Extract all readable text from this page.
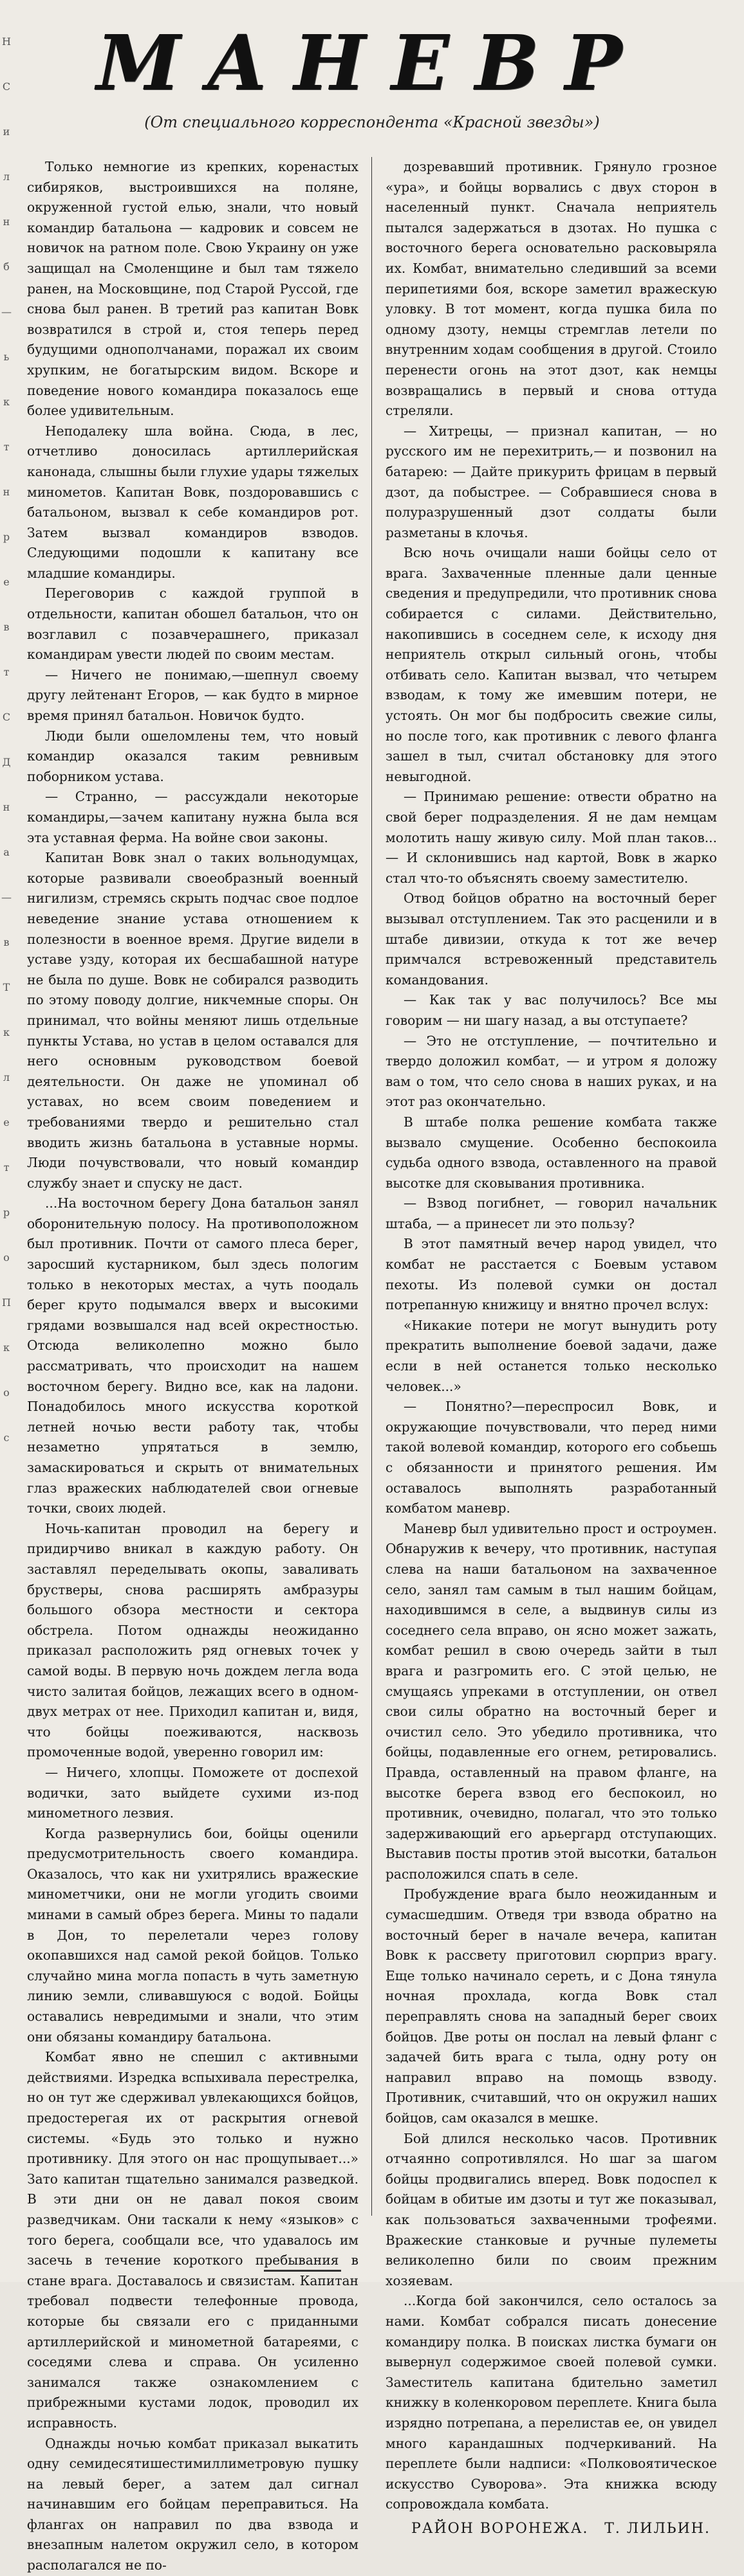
Н
С
и
л
н
б
—
ь
к
т
н
р
е
в
т
С
Д
н
а
—
в
Т
к
л
е
т
р
о
П
к
о
с
МАНЕВР
(От специального корреспондента «Красной звезды»)

Только немногие из крепких, коренастых сибиряков, выстроившихся на поляне, окруженной густой елью, знали, что новый командир батальона — кадровик и совсем не новичок на ратном поле. Свою Украину он уже защищал на Смоленщине и был там тяжело ранен, на Московщине, под Старой Руссой, где снова был ранен. В третий раз капитан Вовк возвратился в строй и, стоя теперь перед будущими однополчанами, поражал их своим хрупким, не богатырским видом. Вскоре и поведение нового командира показалось еще более удивительным.

Неподалеку шла война. Сюда, в лес, отчетливо доносилась артиллерийская канонада, слышны были глухие удары тяжелых минометов. Капитан Вовк, поздоровавшись с батальоном, вызвал к себе командиров рот. Затем вызвал командиров взводов. Следующими подошли к капитану все младшие командиры.

Переговорив с каждой группой в отдельности, капитан обошел батальон, что он возглавил с позавчерашнего, приказал командирам увести людей по своим местам.

— Ничего не понимаю,—шепнул своему другу лейтенант Егоров, — как будто в мирное время принял батальон. Новичок будто.

Люди были ошеломлены тем, что новый командир оказался таким ревнивым поборником устава.

— Странно, — рассуждали некоторые командиры,—зачем капитану нужна была вся эта уставная ферма. На войне свои законы.

Капитан Вовк знал о таких вольнодумцах, которые развивали своеобразный военный нигилизм, стремясь скрыть подчас свое подлое неведение знание устава отношением к полезности в военное время. Другие видели в уставе узду, которая их бесшабашной натуре не была по душе. Вовк не собирался разводить по этому поводу долгие, никчемные споры. Он принимал, что войны меняют лишь отдельные пункты Устава, но устав в целом оставался для него основным руководством боевой деятельности. Он даже не упоминал об уставах, но всем своим поведением и требованиями твердо и решительно стал вводить жизнь батальона в уставные нормы. Люди почувствовали, что новый командир службу знает и спуску не даст.

...На восточном берегу Дона батальон занял оборонительную полосу. На противоположном был противник. Почти от самого плеса берег, заросший кустарником, был здесь пологим только в некоторых местах, а чуть поодаль берег круто подымался вверх и высокими грядами возвышался над всей окрестностью. Отсюда великолепно можно было рассматривать, что происходит на нашем восточном берегу. Видно все, как на ладони. Понадобилось много искусства короткой летней ночью вести работу так, чтобы незаметно упрятаться в землю, замаскироваться и скрыть от внимательных глаз вражеских наблюдателей свои огневые точки, своих людей.

Ночь-капитан проводил на берегу и придирчиво вникал в каждую работу. Он заставлял переделывать окопы, заваливать брустверы, снова расширять амбразуры большого обзора местности и сектора обстрела. Потом однажды неожиданно приказал расположить ряд огневых точек у самой воды. В первую ночь дождем легла вода чисто залитая бойцов, лежащих всего в одном-двух метрах от нее. Приходил капитан и, видя, что бойцы поеживаются, насквозь промоченные водой, уверенно говорил им:

— Ничего, хлопцы. Поможете от доспехой водички, зато выйдете сухими из-под минометного лезвия.

Когда развернулись бои, бойцы оценили предусмотрительность своего командира. Оказалось, что как ни ухитрялись вражеские минометчики, они не могли угодить своими минами в самый обрез берега. Мины то падали в Дон, то перелетали через голову окопавшихся над самой рекой бойцов. Только случайно мина могла попасть в чуть заметную линию земли, сливавшуюся с водой. Бойцы оставались невредимыми и знали, что этим они обязаны командиру батальона.

Комбат явно не спешил с активными действиями. Изредка вспыхивала перестрелка, но он тут же сдерживал увлекающихся бойцов, предостерегая их от раскрытия огневой системы. «Будь это только и нужно противнику. Для этого он нас прощупывает...» Зато капитан тщательно занимался разведкой. В эти дни он не давал покоя своим разведчикам. Они таскали к нему «языков» с того берега, сообщали все, что удавалось им засечь в течение короткого пребывания в стане врага. Доставалось и связистам. Капитан требовал подвести телефонные провода, которые бы связали его с приданными артиллерийской и минометной батареями, с соседями слева и справа. Он усиленно занимался также ознакомлением с прибрежными кустами лодок, проводил их исправность.

Однажды ночью комбат приказал выкатить одну семидесятишестимиллиметровую пушку на левый берег, а затем дал сигнал начинавшим его бойцам переправиться. На флангах он направил по два взвода и внезапным налетом окружил село, в котором располагался не по-

дозревавший противник. Грянуло грозное «ура», и бойцы ворвались с двух сторон в населенный пункт. Сначала неприятель пытался задержаться в дзотах. Но пушка с восточного берега основательно расковыряла их. Комбат, внимательно следивший за всеми перипетиями боя, вскоре заметил вражескую уловку. В тот момент, когда пушка била по одному дзоту, немцы стремглав летели по внутренним ходам сообщения в другой. Стоило перенести огонь на этот дзот, как немцы возвращались в первый и снова оттуда стреляли.

— Хитрецы, — признал капитан, — но русского им не перехитрить,— и позвонил на батарею: — Дайте прикурить фрицам в первый дзот, да побыстрее. — Собравшиеся снова в полуразрушенный дзот солдаты были разметаны в клочья.

Всю ночь очищали наши бойцы село от врага. Захваченные пленные дали ценные сведения и предупредили, что противник снова собирается с силами. Действительно, накопившись в соседнем селе, к исходу дня неприятель открыл сильный огонь, чтобы отбивать село. Капитан вызвал, что четырем взводам, к тому же имевшим потери, не устоять. Он мог бы подбросить свежие силы, но после того, как противник с левого фланга зашел в тыл, считал обстановку для этого невыгодной.

— Принимаю решение: отвести обратно на свой берег подразделения. Я не дам немцам молотить нашу живую силу. Мой план таков...— И склонившись над картой, Вовк в жарко стал что-то объяснять своему заместителю.

Отвод бойцов обратно на восточный берег вызывал отступлением. Так это расценили и в штабе дивизии, откуда к тот же вечер примчался встревоженный представитель командования.

— Как так у вас получилось? Все мы говорим — ни шагу назад, а вы отступаете?

— Это не отступление, — почтительно и твердо доложил комбат, — и утром я доложу вам о том, что село снова в наших руках, и на этот раз окончательно.

В штабе полка решение комбата также вызвало смущение. Особенно беспокоила судьба одного взвода, оставленного на правой высотке для сковывания противника.

— Взвод погибнет, — говорил начальник штаба, — а принесет ли это пользу?

В этот памятный вечер народ увидел, что комбат не расстается с Боевым уставом пехоты. Из полевой сумки он достал потрепанную книжицу и внятно прочел вслух:

«Никакие потери не могут вынудить роту прекратить выполнение боевой задачи, даже если в ней останется только несколько человек...»

— Понятно?—переспросил Вовк, и окружающие почувствовали, что перед ними такой волевой командир, которого его собьешь с обязанности и принятого решения. Им оставалось выполнять разработанный комбатом маневр.

Маневр был удивительно прост и остроумен. Обнаружив к вечеру, что противник, наступая слева на наши батальоном на захваченное село, занял там самым в тыл нашим бойцам, находившимся в селе, а выдвинув силы из соседнего села вправо, он ясно может зажать, комбат решил в свою очередь зайти в тыл врага и разгромить его. С этой целью, не смущаясь упреками в отступлении, он отвел свои силы обратно на восточный берег и очистил село. Это убедило противника, что бойцы, подавленные его огнем, ретировались. Правда, оставленный на правом фланге, на высотке берега взвод его беспокоил, но противник, очевидно, полагал, что это только задерживающий его арьергард отступающих. Выставив посты против этой высотки, батальон расположился спать в селе.

Пробуждение врага было неожиданным и сумасшедшим. Отведя три взвода обратно на восточный берег в начале вечера, капитан Вовк к рассвету приготовил сюрприз врагу. Еще только начинало сереть, и с Дона тянула ночная прохлада, когда Вовк стал переправлять снова на западный берег своих бойцов. Две роты он послал на левый фланг с задачей бить врага с тыла, одну роту он направил вправо на помощь взводу. Противник, считавший, что он окружил наших бойцов, сам оказался в мешке.

Бой длился несколько часов. Противник отчаянно сопротивлялся. Но шаг за шагом бойцы продвигались вперед. Вовк подоспел к бойцам в обитые им дзоты и тут же показывал, как пользоваться захваченными трофеями. Вражеские станковые и ручные пулеметы великолепно били по своим прежним хозяевам.

...Когда бой закончился, село осталось за нами. Комбат собрался писать донесение командиру полка. В поисках листка бумаги он вывернул содержимое своей полевой сумки. Заместитель капитана бдительно заметил книжку в коленкоровом переплете. Книга была изрядно потрепана, а перелистав ее, он увидел много карандашных подчеркиваний. На переплете были надписи: «Полковоятическое искусство Суворова». Эта книжка всюду сопровождала комбата.

РАЙОН ВОРОНЕЖА. Т. ЛИЛЬИН.
